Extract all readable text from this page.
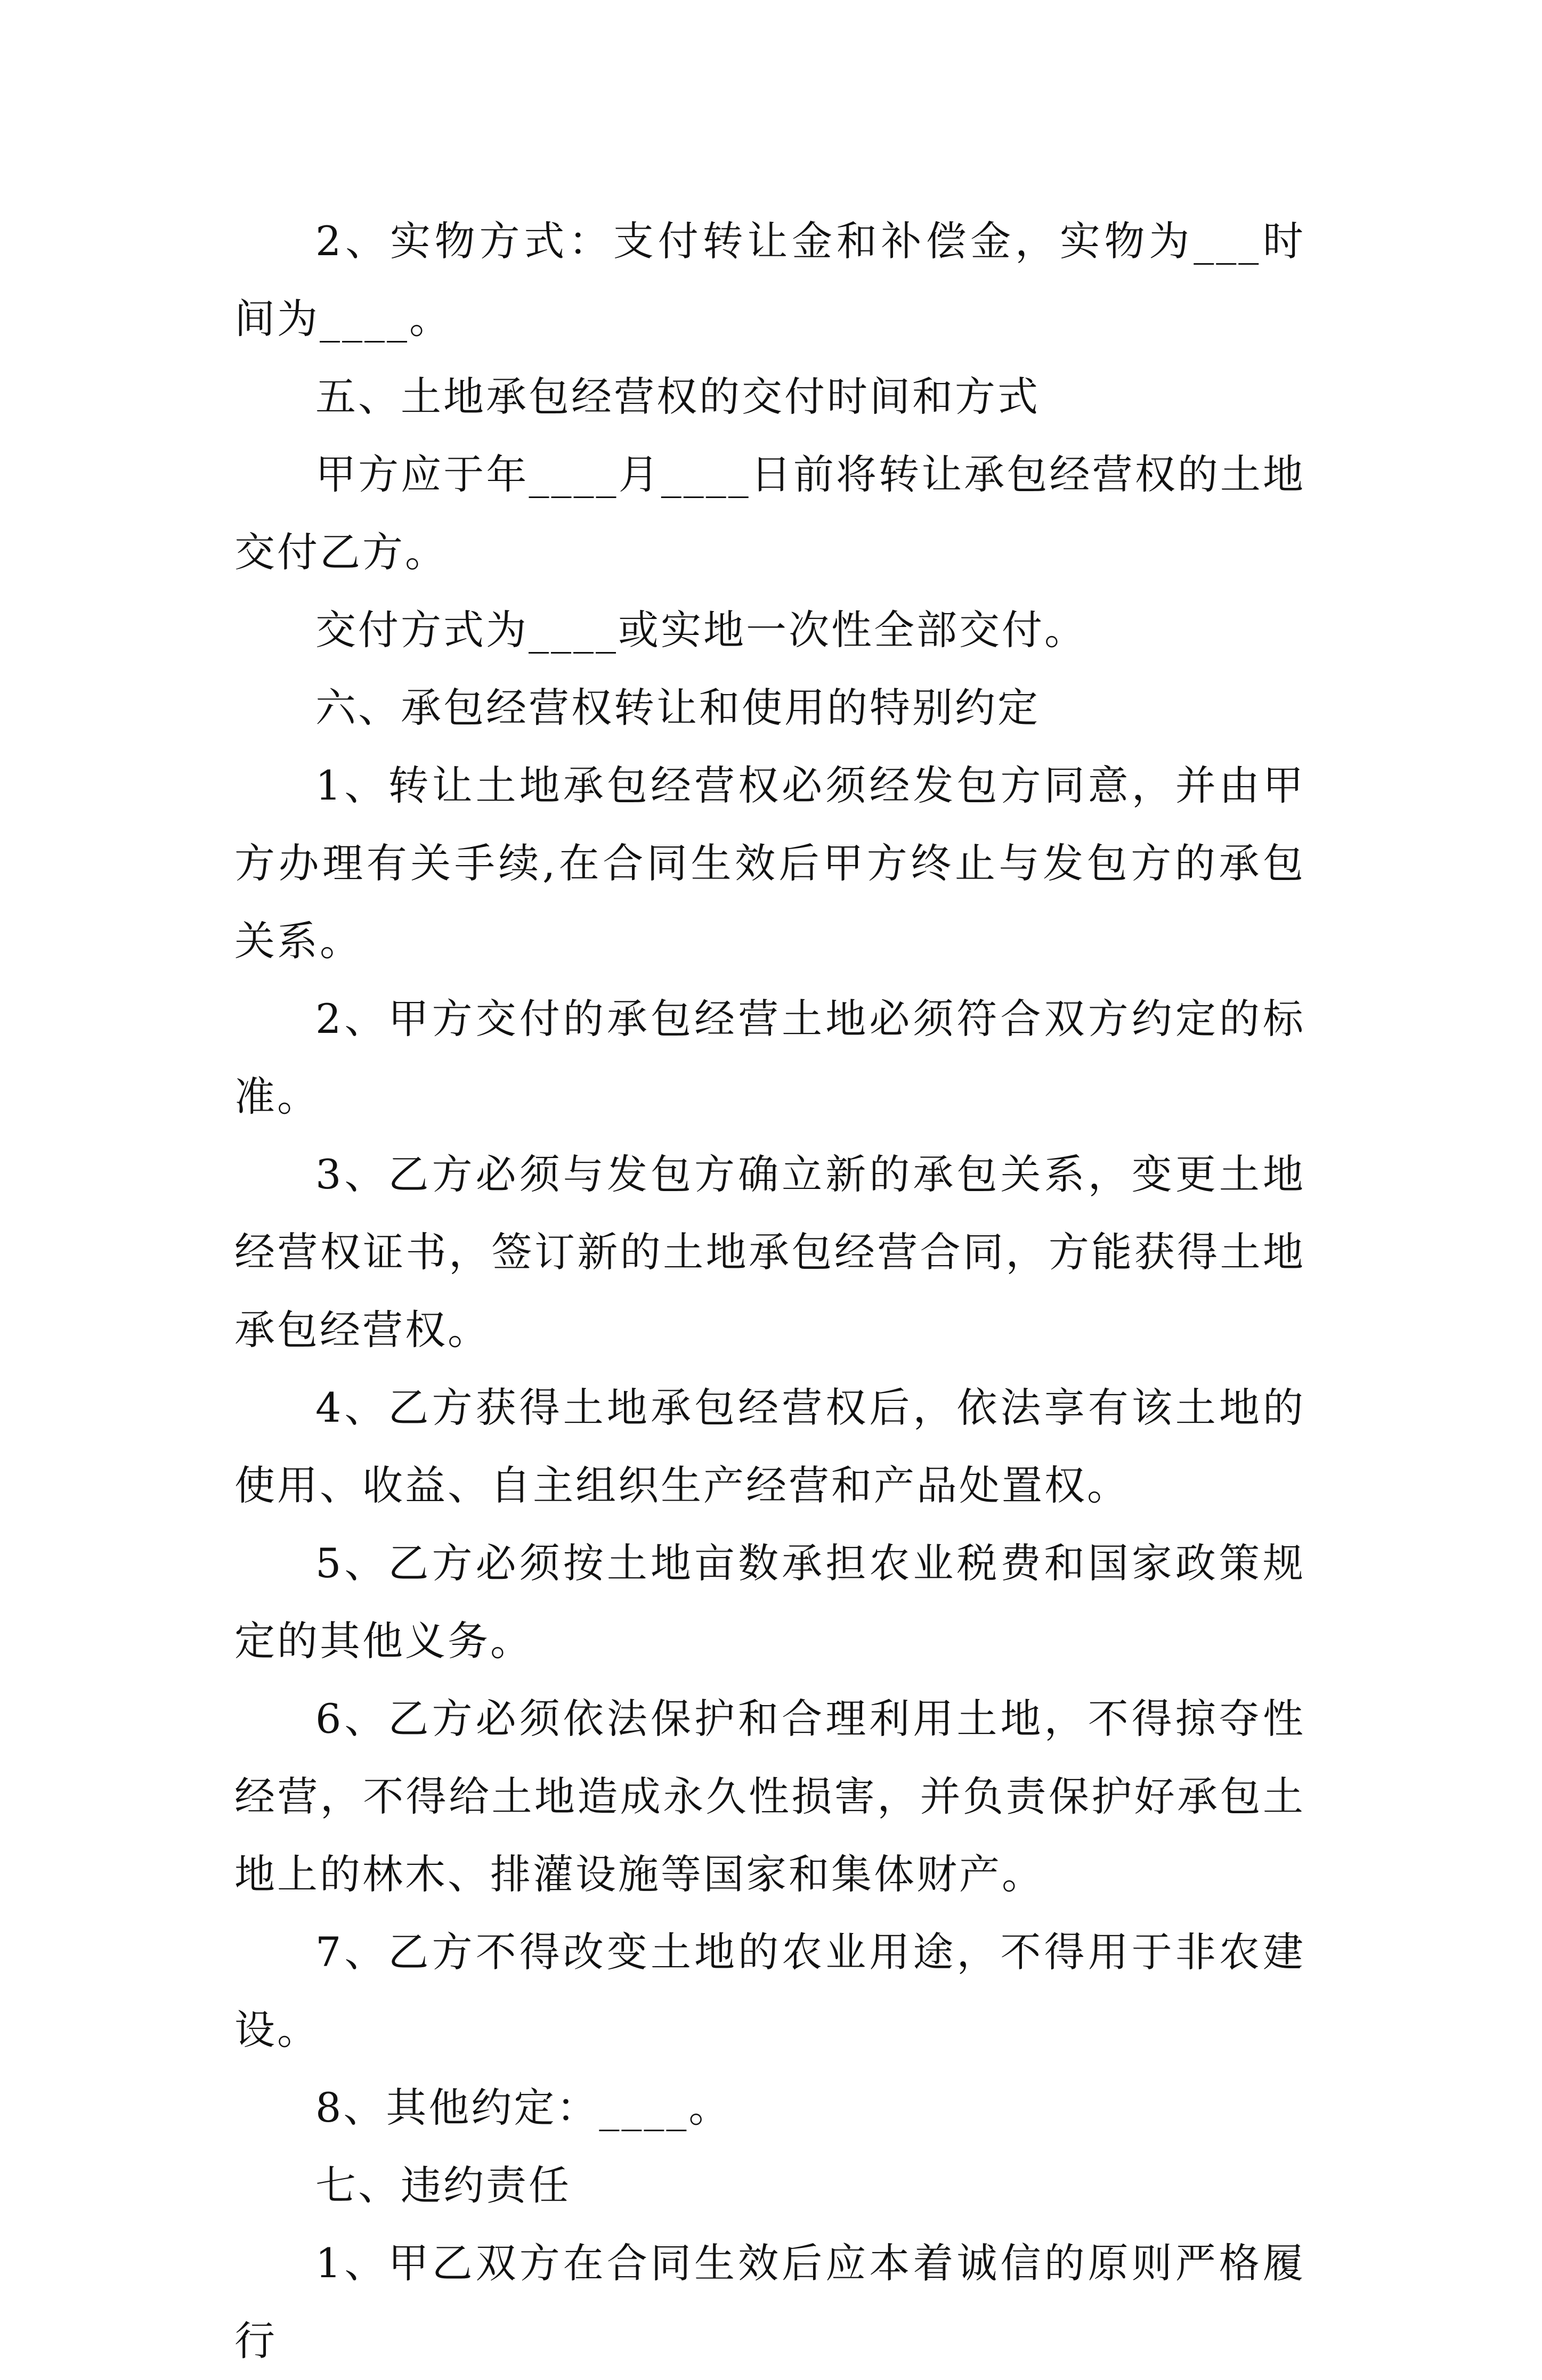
2、实物方式：支付转让金和补偿金，实物为___时间为____。

五、土地承包经营权的交付时间和方式

甲方应于年____月____日前将转让承包经营权的土地交付乙方。

交付方式为____或实地一次性全部交付。

六、承包经营权转让和使用的特别约定

1、转让土地承包经营权必须经发包方同意，并由甲方办理有关手续,在合同生效后甲方终止与发包方的承包关系。

2、甲方交付的承包经营土地必须符合双方约定的标准。

3、乙方必须与发包方确立新的承包关系，变更土地经营权证书，签订新的土地承包经营合同，方能获得土地承包经营权。

4、乙方获得土地承包经营权后，依法享有该土地的使用、收益、自主组织生产经营和产品处置权。

5、乙方必须按土地亩数承担农业税费和国家政策规定的其他义务。

6、乙方必须依法保护和合理利用土地，不得掠夺性经营，不得给土地造成永久性损害，并负责保护好承包土地上的林木、排灌设施等国家和集体财产。

7、乙方不得改变土地的农业用途，不得用于非农建设。

8、其他约定：____。

七、违约责任

1、甲乙双方在合同生效后应本着诚信的原则严格履行
